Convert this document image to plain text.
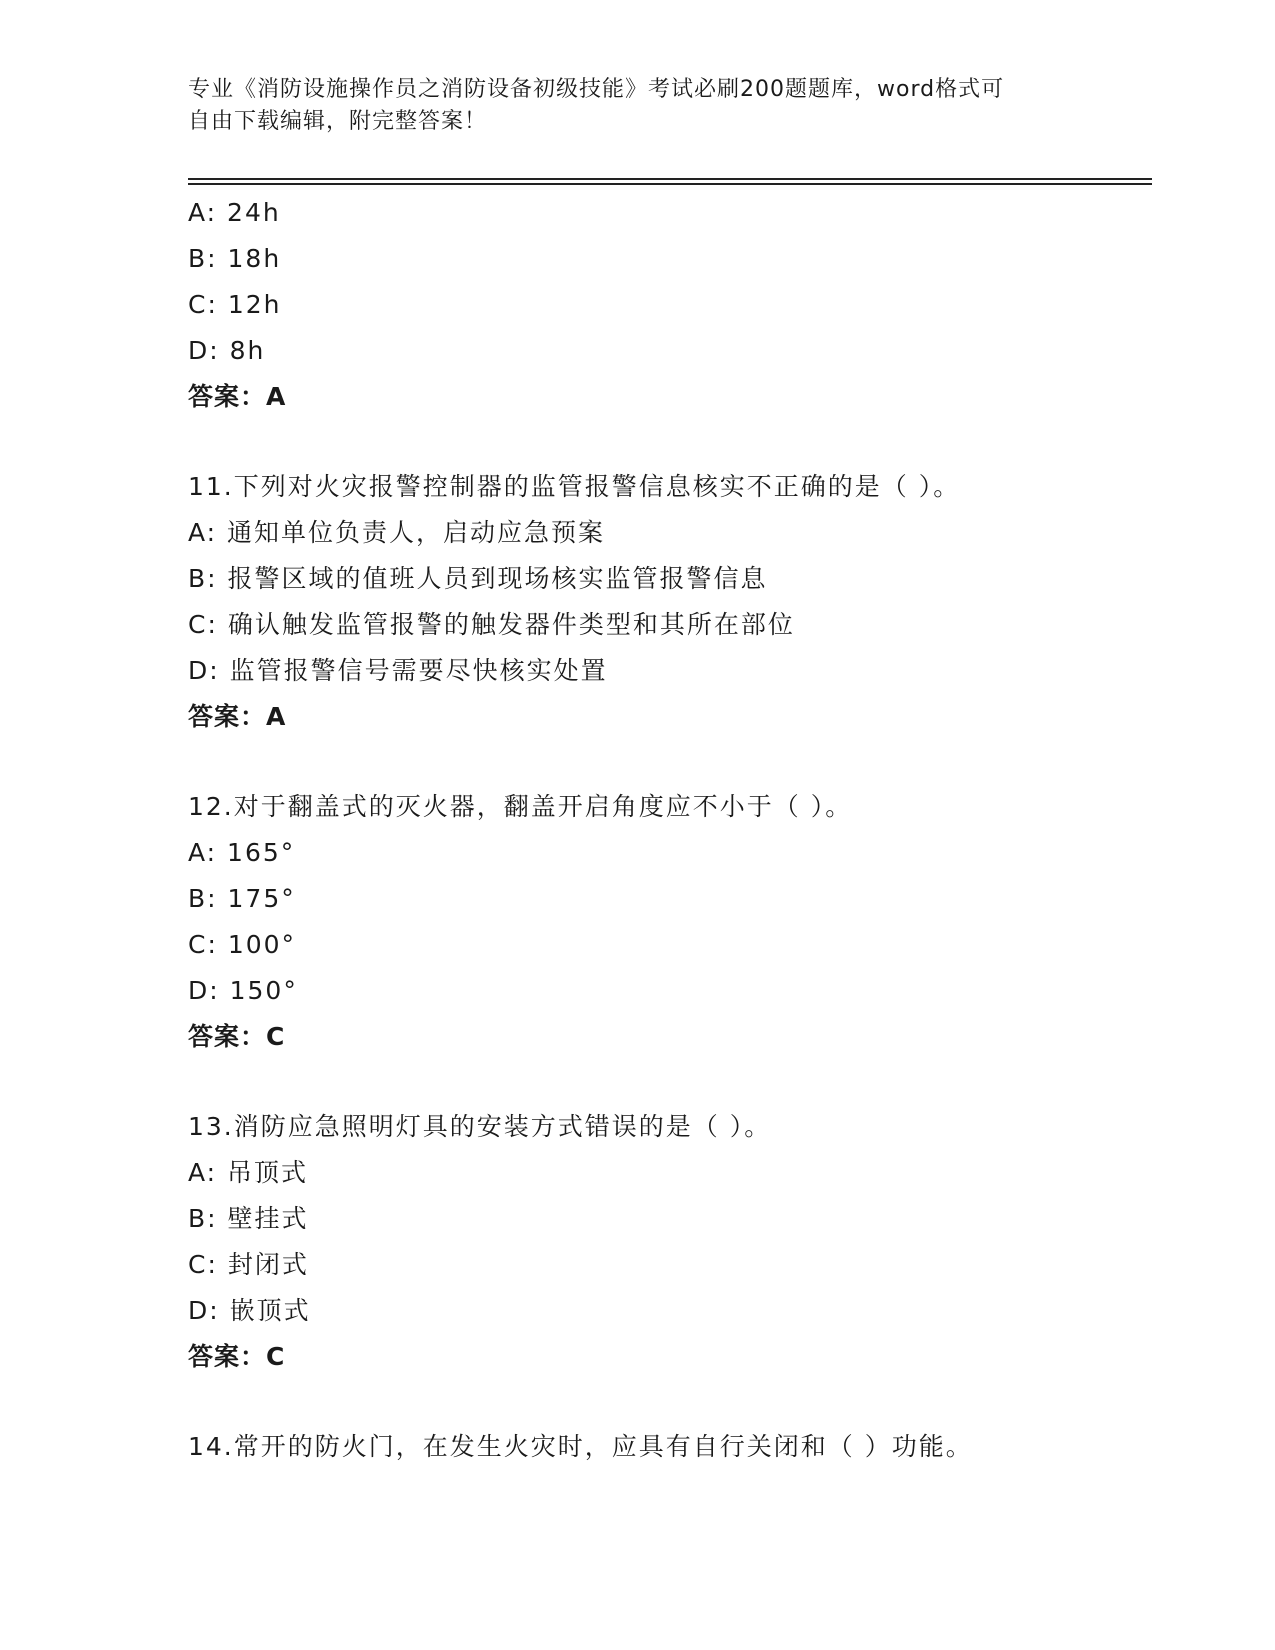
专业《消防设施操作员之消防设备初级技能》考试必刷200题题库，word格式可
自由下载编辑，附完整答案！
A: 24h
B: 18h
C: 12h
D: 8h
答案：A
11.下列对火灾报警控制器的监管报警信息核实不正确的是（ ）。
A: 通知单位负责人，启动应急预案
B: 报警区域的值班人员到现场核实监管报警信息
C: 确认触发监管报警的触发器件类型和其所在部位
D: 监管报警信号需要尽快核实处置
答案：A
12.对于翻盖式的灭火器，翻盖开启角度应不小于（ ）。
A: 165°
B: 175°
C: 100°
D: 150°
答案：C
13.消防应急照明灯具的安装方式错误的是（ ）。
A: 吊顶式
B: 壁挂式
C: 封闭式
D: 嵌顶式
答案：C
14.常开的防火门，在发生火灾时，应具有自行关闭和（ ）功能。
